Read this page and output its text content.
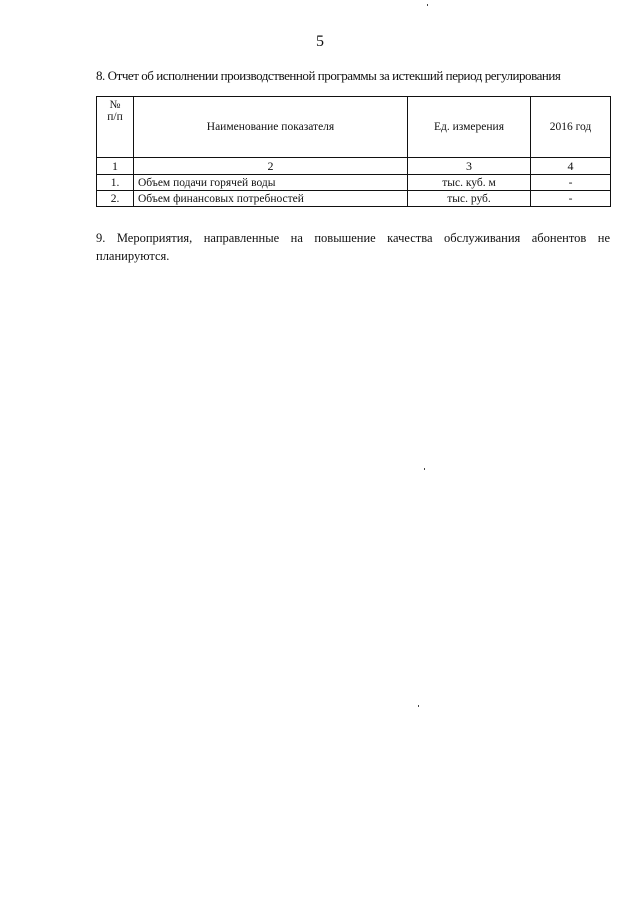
5
8. Отчет об исполнении производственной программы за истекший период регулирования
№
п/п	Наименование показателя	Ед. измерения	2016 год
1	2	3	4
1.	Объем подачи горячей воды	тыс. куб. м	-
2.	Объем финансовых потребностей	тыс. руб.	-
9. Мероприятия, направленные на повышение качества обслуживания абонентов не
планируются.
